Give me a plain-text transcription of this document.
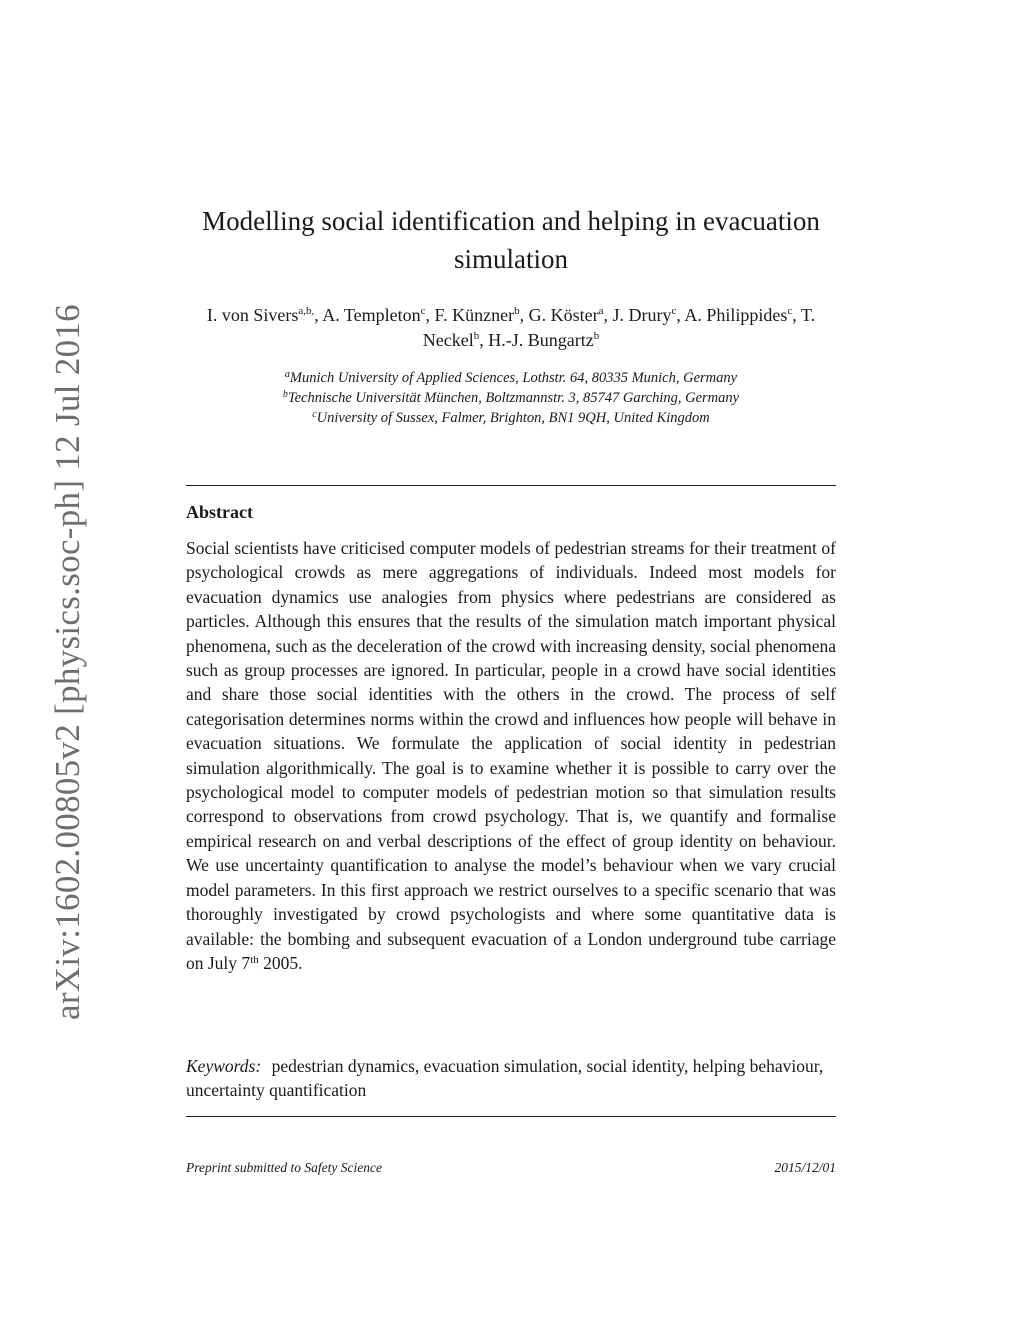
arXiv:1602.00805v2 [physics.soc-ph] 12 Jul 2016
Modelling social identification and helping in evacuation simulation
I. von Sivers$^{a,b,}$, A. Templeton$^c$, F. Künzner$^b$, G. Köster$^a$, J. Drury$^c$, A. Philippides$^c$, T. Neckel$^b$, H.-J. Bungartz$^b$
$^a$Munich University of Applied Sciences, Lothstr. 64, 80335 Munich, Germany
$^b$Technische Universität München, Boltzmannstr. 3, 85747 Garching, Germany
$^c$University of Sussex, Falmer, Brighton, BN1 9QH, United Kingdom
Abstract
Social scientists have criticised computer models of pedestrian streams for their treatment of psychological crowds as mere aggregations of individuals. Indeed most models for evacuation dynamics use analogies from physics where pedestrians are considered as particles. Although this ensures that the results of the simulation match important physical phenomena, such as the deceleration of the crowd with increasing density, social phenomena such as group processes are ignored. In particular, people in a crowd have social identities and share those social identities with the others in the crowd. The process of self categorisation determines norms within the crowd and influences how people will behave in evacuation situations. We formulate the application of social identity in pedestrian simulation algorithmically. The goal is to examine whether it is possible to carry over the psychological model to computer models of pedestrian motion so that simulation results correspond to observations from crowd psychology. That is, we quantify and formalise empirical research on and verbal descriptions of the effect of group identity on behaviour. We use uncertainty quantification to analyse the model’s behaviour when we vary crucial model parameters. In this first approach we restrict ourselves to a specific scenario that was thoroughly investigated by crowd psychologists and where some quantitative data is available: the bombing and subsequent evacuation of a London underground tube carriage on July 7th 2005.
Keywords: pedestrian dynamics, evacuation simulation, social identity, helping behaviour, uncertainty quantification
Preprint submitted to Safety Science	2015/12/01
